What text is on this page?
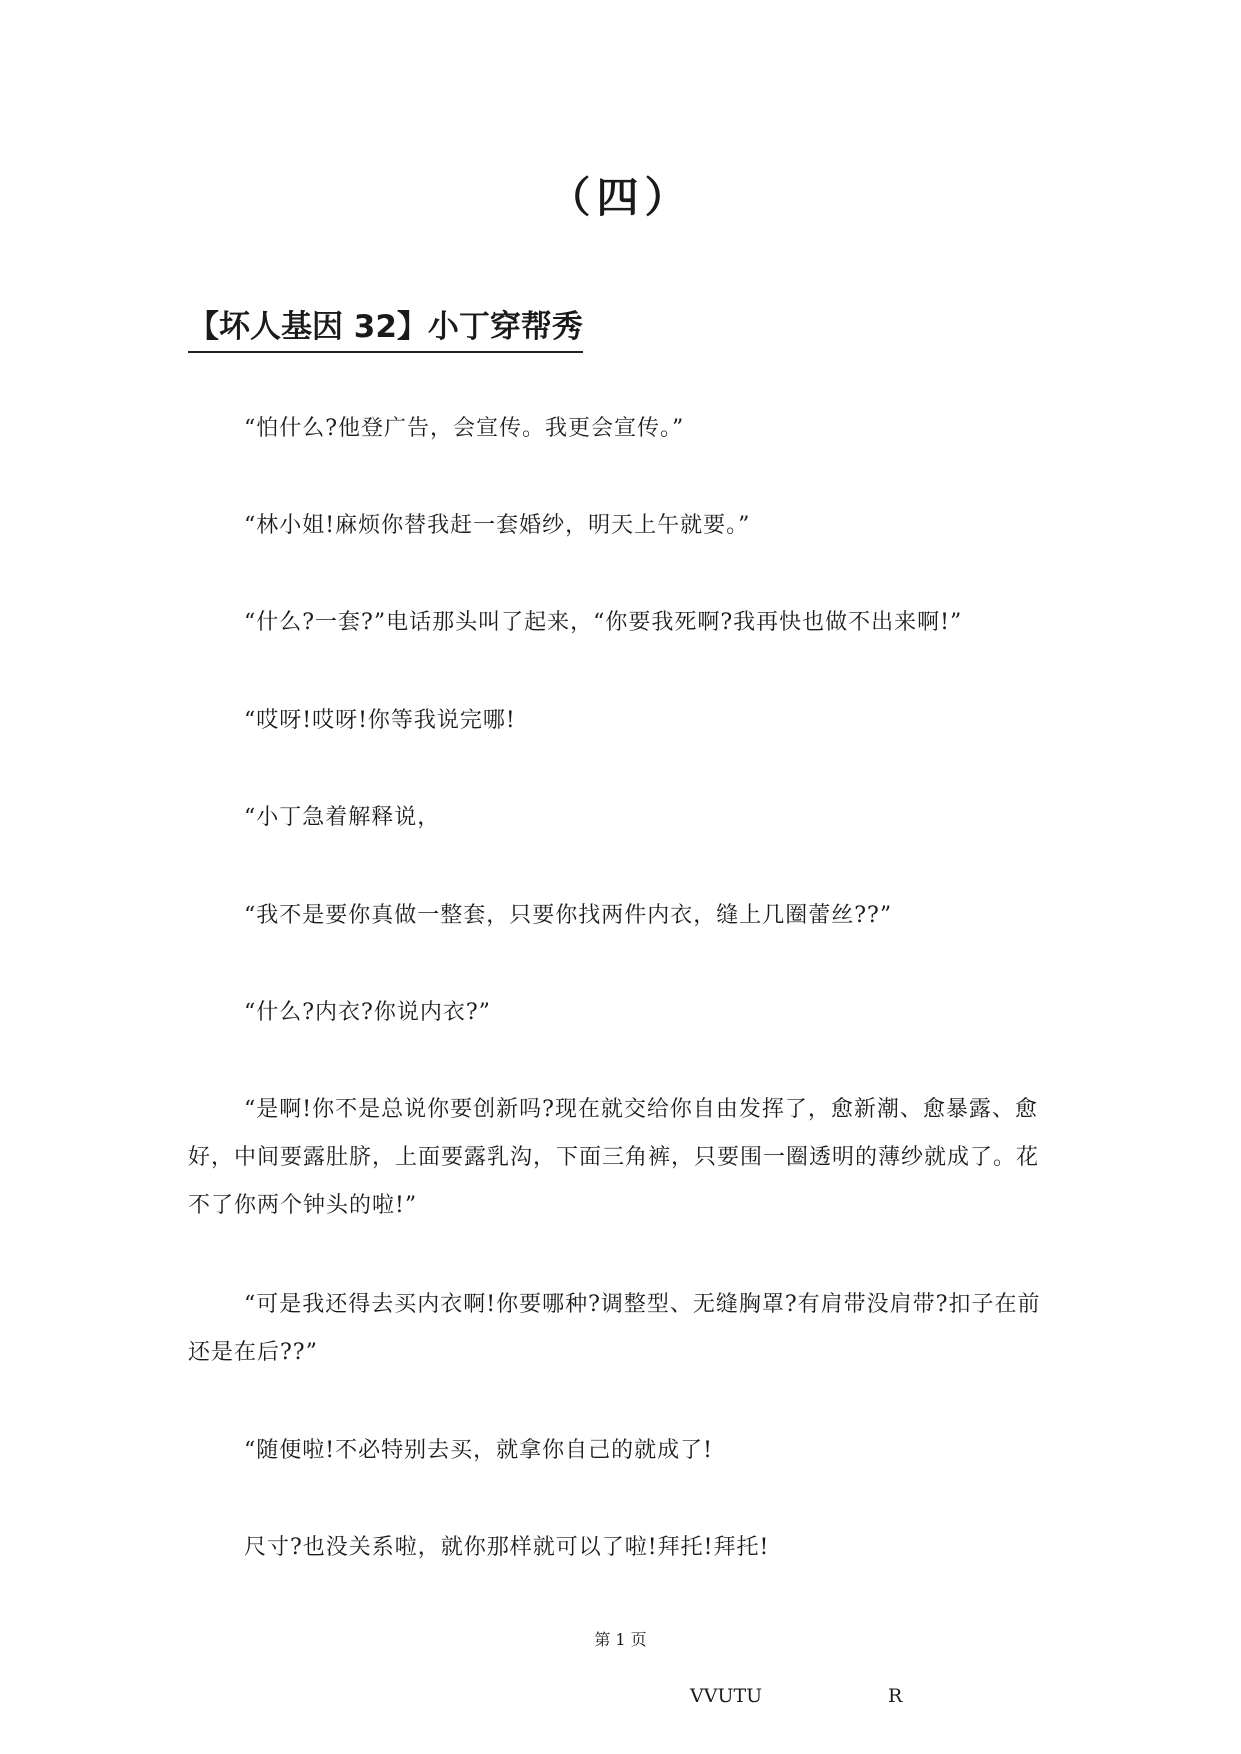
（四）
【坏人基因 32】小丁穿帮秀

“怕什么?他登广告，会宣传。我更会宣传。”

“林小姐!麻烦你替我赶一套婚纱，明天上午就要。”

“什么?一套?”电话那头叫了起来，“你要我死啊?我再快也做不出来啊!”

“哎呀!哎呀!你等我说完哪!

“小丁急着解释说，

“我不是要你真做一整套，只要你找两件内衣，缝上几圈蕾丝??”

“什么?内衣?你说内衣?”

“是啊!你不是总说你要创新吗?现在就交给你自由发挥了，愈新潮、愈暴露、愈好，中间要露肚脐，上面要露乳沟，下面三角裤，只要围一圈透明的薄纱就成了。花不了你两个钟头的啦!”

“可是我还得去买内衣啊!你要哪种?调整型、无缝胸罩?有肩带没肩带?扣子在前还是在后??”

“随便啦!不必特别去买，就拿你自己的就成了!

尺寸?也没关系啦，就你那样就可以了啦!拜托!拜托!

第 1 页
VVUTU	R
